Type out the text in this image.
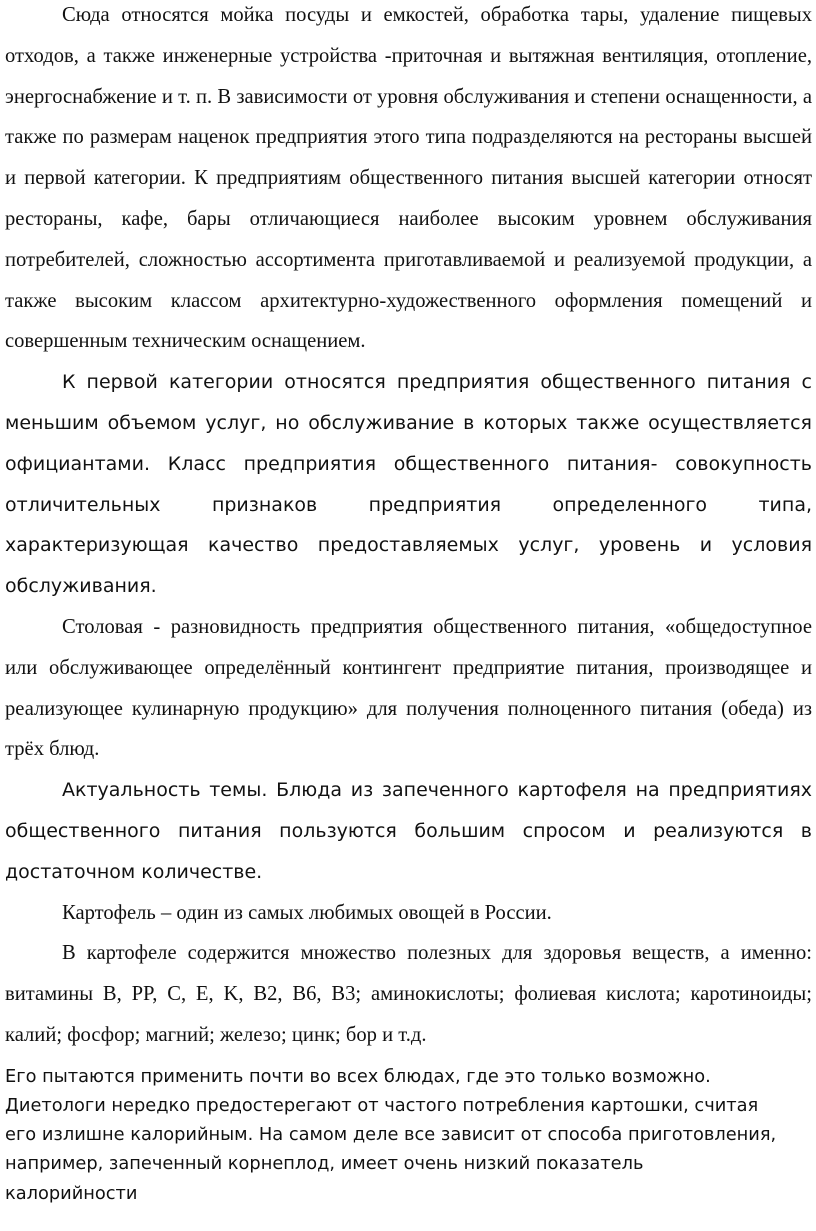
Сюда относятся мойка посуды и емкостей, обработка тары, удаление пищевых отходов, а также инженерные устройства -приточная и вытяжная вентиляция, отопление, энергоснабжение и т. п. В зависимости от уровня обслуживания и степени оснащенности, а также по размерам наценок предприятия этого типа подразделяются на рестораны высшей и первой категории. К предприятиям общественного питания высшей категории относят рестораны, кафе, бары отличающиеся наиболее высоким уровнем обслуживания потребителей, сложностью ассортимента приготавливаемой и реализуемой продукции, а также высоким классом архитектурно-художественного оформления помещений и совершенным техническим оснащением.

К первой категории относятся предприятия общественного питания с меньшим объемом услуг, но обслуживание в которых также осуществляется официантами. Класс предприятия общественного питания- совокупность отличительных признаков предприятия определенного типа, характеризующая качество предоставляемых услуг, уровень и условия обслуживания.

Столовая - разновидность предприятия общественного питания, «общедоступное или обслуживающее определённый контингент предприятие питания, производящее и реализующее кулинарную продукцию» для получения полноценного питания (обеда) из трёх блюд.

Актуальность темы. Блюда из запеченного картофеля на предприятиях общественного питания пользуются большим спросом и реализуются в достаточном количестве.

Картофель – один из самых любимых овощей в России.

В картофеле содержится множество полезных для здоровья веществ, а именно: витамины B, PP, C, E, K, B2, B6, B3; аминокислоты; фолиевая кислота; каротиноиды; калий; фосфор; магний; железо; цинк; бор и т.д.

Его пытаются применить почти во всех блюдах, где это только возможно.
Диетологи нередко предостерегают от частого потребления картошки, считая
его излишне калорийным. На самом деле все зависит от способа приготовления,
например, запеченный корнеплод, имеет очень низкий показатель
калорийности
